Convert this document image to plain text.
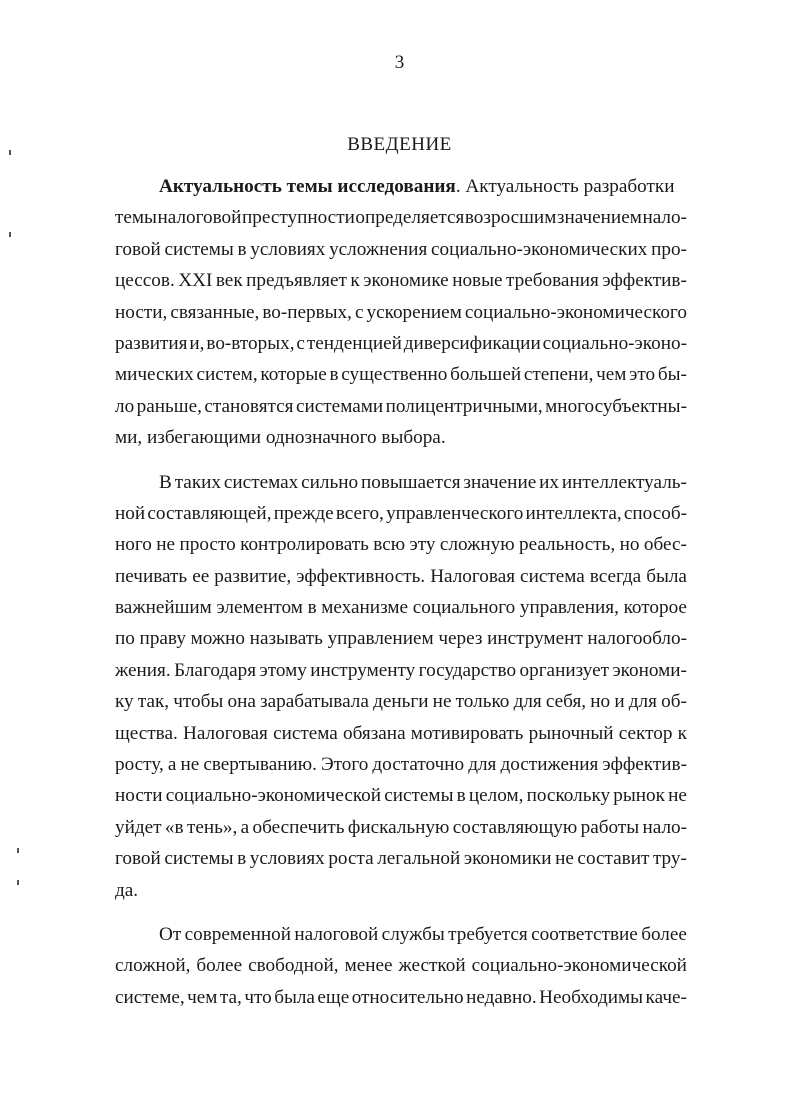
3
ВВЕДЕНИЕ
Актуальность темы исследования. Актуальность разработки
темы налоговой преступности определяется возросшим значением нало-
говой системы в условиях усложнения социально-экономических про-
цессов. XXI век предъявляет к экономике новые требования эффектив-
ности, связанные, во-первых, с ускорением социально-экономического
развития и, во-вторых, с тенденцией диверсификации социально-эконо-
мических систем, которые в существенно большей степени, чем это бы-
ло раньше, становятся системами полицентричными, многосубъектны-
ми, избегающими однозначного выбора.
В таких системах сильно повышается значение их интеллектуаль-
ной составляющей, прежде всего, управленческого интеллекта, способ-
ного не просто контролировать всю эту сложную реальность, но обес-
печивать ее развитие, эффективность. Налоговая система всегда была
важнейшим элементом в механизме социального управления, которое
по праву можно называть управлением через инструмент налогообло-
жения. Благодаря этому инструменту государство организует экономи-
ку так, чтобы она зарабатывала деньги не только для себя, но и для об-
щества. Налоговая система обязана мотивировать рыночный сектор к
росту, а не свертыванию. Этого достаточно для достижения эффектив-
ности социально-экономической системы в целом, поскольку рынок не
уйдет «в тень», а обеспечить фискальную составляющую работы нало-
говой системы в условиях роста легальной экономики не составит тру-
да.
От современной налоговой службы требуется соответствие более
сложной, более свободной, менее жесткой социально-экономической
системе, чем та, что была еще относительно недавно. Необходимы каче-
